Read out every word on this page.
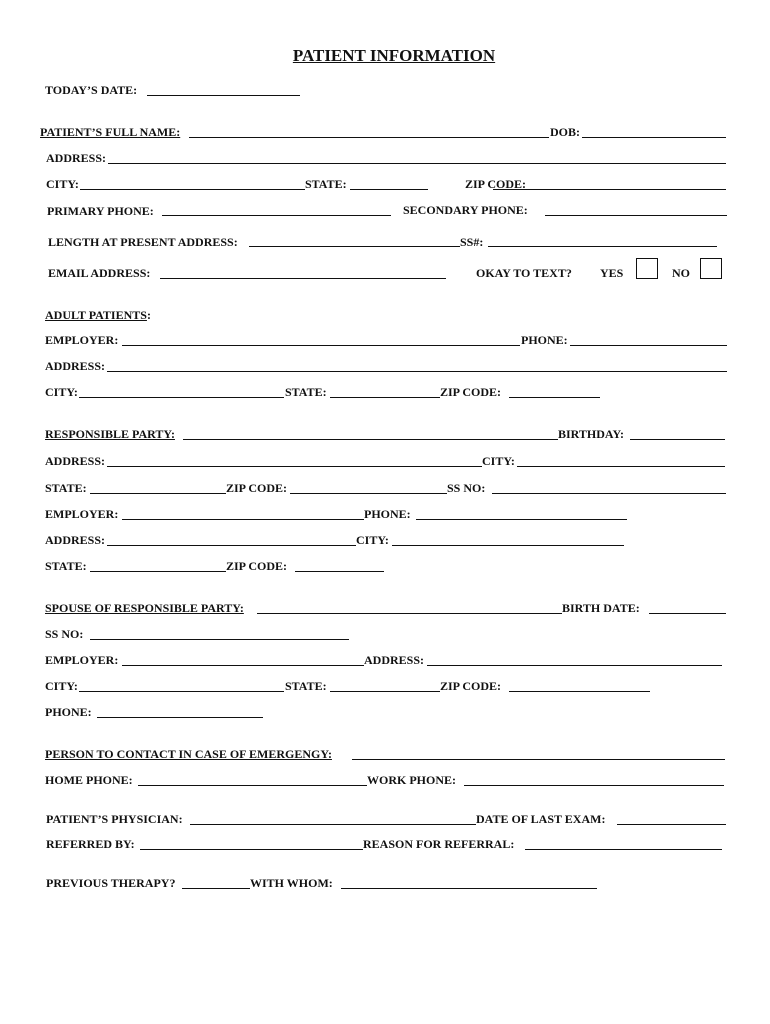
PATIENT INFORMATION
TODAY’S DATE:
PATIENT’S FULL NAME:	DOB:
ADDRESS:
CITY:	STATE:	ZIP CODE:
PRIMARY PHONE:	SECONDARY PHONE:
LENGTH AT PRESENT ADDRESS:	SS#:
EMAIL ADDRESS:	OKAY TO TEXT? YES	NO
ADULT PATIENTS:
EMPLOYER:	PHONE:
ADDRESS:
CITY:	STATE:	ZIP CODE:
RESPONSIBLE PARTY:	BIRTHDAY:
ADDRESS:	CITY:
STATE:	ZIP CODE:	SS NO:
EMPLOYER:	PHONE:
ADDRESS:	CITY:
STATE:	ZIP CODE:
SPOUSE OF RESPONSIBLE PARTY:	BIRTH DATE:
SS NO:
EMPLOYER:	ADDRESS:
CITY:	STATE:	ZIP CODE:
PHONE:
PERSON TO CONTACT IN CASE OF EMERGENGY:
HOME PHONE:	WORK PHONE:
PATIENT’S PHYSICIAN:	DATE OF LAST EXAM:
REFERRED BY:	REASON FOR REFERRAL:
PREVIOUS THERAPY?	WITH WHOM:
